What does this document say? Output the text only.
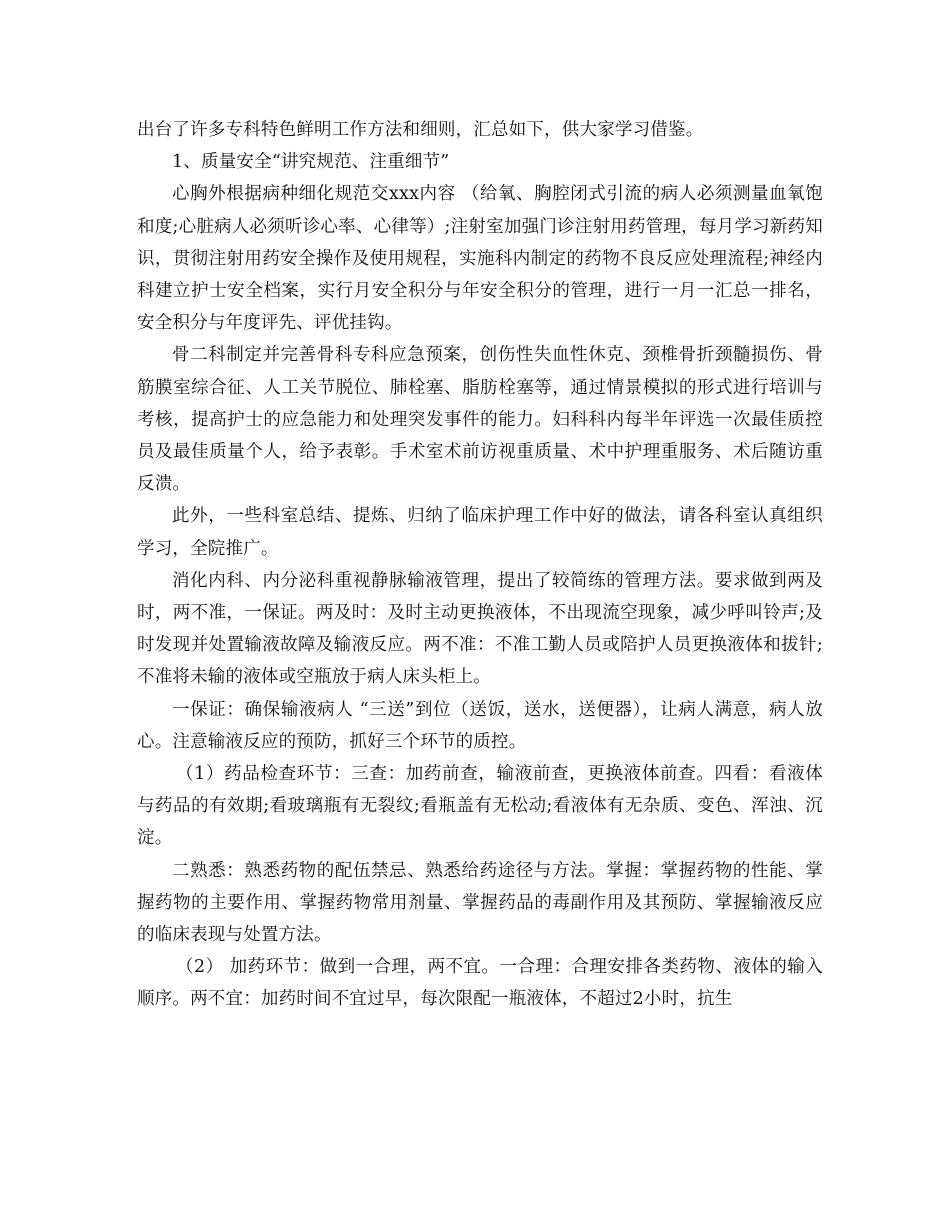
出台了许多专科特色鲜明工作方法和细则，汇总如下，供大家学习借鉴。

1、质量安全“讲究规范、注重细节”

心胸外根据病种细化规范交xxx内容 （给氧、胸腔闭式引流的病人必须测量血氧饱和度;心脏病人必须听诊心率、心律等）;注射室加强门诊注射用药管理，每月学习新药知识，贯彻注射用药安全操作及使用规程，实施科内制定的药物不良反应处理流程;神经内科建立护士安全档案，实行月安全积分与年安全积分的管理，进行一月一汇总一排名，安全积分与年度评先、评优挂钩。

骨二科制定并完善骨科专科应急预案，创伤性失血性休克、颈椎骨折颈髓损伤、骨筋膜室综合征、人工关节脱位、肺栓塞、脂肪栓塞等，通过情景模拟的形式进行培训与考核，提高护士的应急能力和处理突发事件的能力。妇科科内每半年评选一次最佳质控员及最佳质量个人，给予表彰。手术室术前访视重质量、术中护理重服务、术后随访重反溃。

此外，一些科室总结、提炼、归纳了临床护理工作中好的做法，请各科室认真组织学习，全院推广。

消化内科、内分泌科重视静脉输液管理，提出了较简练的管理方法。要求做到两及时，两不准，一保证。两及时：及时主动更换液体，不出现流空现象，减少呼叫铃声;及时发现并处置输液故障及输液反应。两不准：不准工勤人员或陪护人员更换液体和拔针;不准将未输的液体或空瓶放于病人床头柜上。

一保证：确保输液病人 “三送”到位（送饭，送水，送便器），让病人满意，病人放心。注意输液反应的预防，抓好三个环节的质控。

（1）药品检查环节：三查：加药前查，输液前查，更换液体前查。四看：看液体与药品的有效期;看玻璃瓶有无裂纹;看瓶盖有无松动;看液体有无杂质、变色、浑浊、沉淀。

二熟悉：熟悉药物的配伍禁忌、熟悉给药途径与方法。掌握：掌握药物的性能、掌握药物的主要作用、掌握药物常用剂量、掌握药品的毒副作用及其预防、掌握输液反应的临床表现与处置方法。

（2） 加药环节：做到一合理，两不宜。一合理：合理安排各类药物、液体的输入顺序。两不宜：加药时间不宜过早，每次限配一瓶液体，不超过2小时，抗生
